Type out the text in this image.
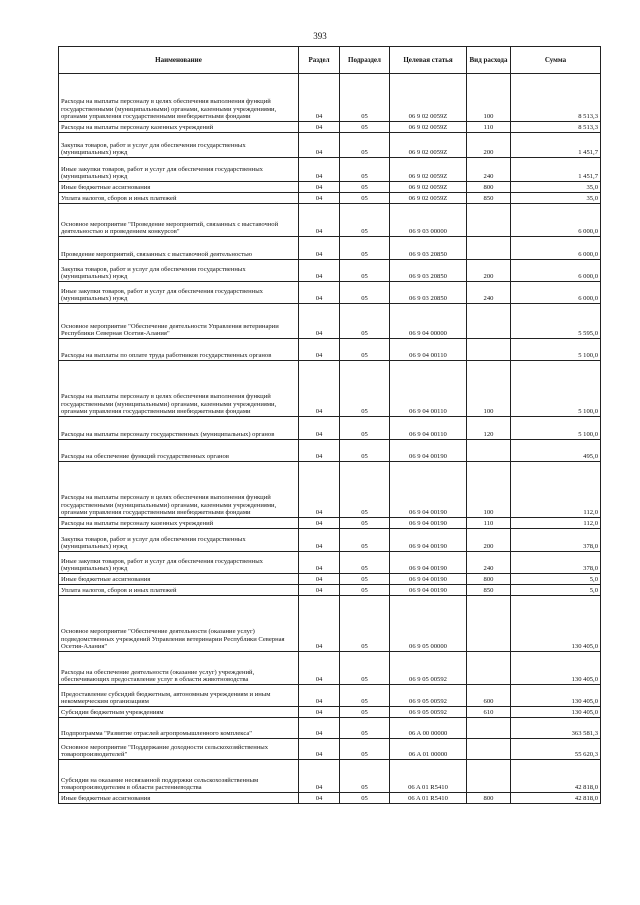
393
Наименование	Раздел	Подраздел	Целевая статья	Вид расхода	Сумма
Расходы на выплаты персоналу в целях обеспечения выполнения функций государственными (муниципальными) органами, казенными учреждениями, органами управления государственными внебюджетными фондами	04	05	06 9 02 0059Z	100	8 513,3
Расходы на выплаты персоналу казенных учреждений	04	05	06 9 02 0059Z	110	8 513,3
Закупка товаров, работ и услуг для обеспечения государственных (муниципальных) нужд	04	05	06 9 02 0059Z	200	1 451,7
Иные закупки товаров, работ и услуг для обеспечения государственных (муниципальных) нужд	04	05	06 9 02 0059Z	240	1 451,7
Иные бюджетные ассигнования	04	05	06 9 02 0059Z	800	35,0
Уплата налогов, сборов и иных платежей	04	05	06 9 02 0059Z	850	35,0
Основное мероприятие "Проведение мероприятий, связанных с выставочной деятельностью и проведением конкурсов"	04	05	06 9 03 00000		6 000,0
Проведение мероприятий, связанных с выставочной деятельностью	04	05	06 9 03 20850		6 000,0
Закупка товаров, работ и услуг для обеспечения государственных (муниципальных) нужд	04	05	06 9 03 20850	200	6 000,0
Иные закупки товаров, работ и услуг для обеспечения государственных (муниципальных) нужд	04	05	06 9 03 20850	240	6 000,0
Основное мероприятие "Обеспечение деятельности Управления ветеринарии Республики Северная Осетия-Алания"	04	05	06 9 04 00000		5 595,0
Расходы на выплаты по оплате труда работников государственных органов	04	05	06 9 04 00110		5 100,0
Расходы на выплаты персоналу в целях обеспечения выполнения функций государственными (муниципальными) органами, казенными учреждениями, органами управления государственными внебюджетными фондами	04	05	06 9 04 00110	100	5 100,0
Расходы на выплаты персоналу государственных (муниципальных) органов	04	05	06 9 04 00110	120	5 100,0
Расходы на обеспечение функций государственных органов	04	05	06 9 04 00190		495,0
Расходы на выплаты персоналу в целях обеспечения выполнения функций государственными (муниципальными) органами, казенными учреждениями, органами управления государственными внебюджетными фондами	04	05	06 9 04 00190	100	112,0
Расходы на выплаты персоналу казенных учреждений	04	05	06 9 04 00190	110	112,0
Закупка товаров, работ и услуг для обеспечения государственных (муниципальных) нужд	04	05	06 9 04 00190	200	378,0
Иные закупки товаров, работ и услуг для обеспечения государственных (муниципальных) нужд	04	05	06 9 04 00190	240	378,0
Иные бюджетные ассигнования	04	05	06 9 04 00190	800	5,0
Уплата налогов, сборов и иных платежей	04	05	06 9 04 00190	850	5,0
Основное мероприятие "Обеспечение деятельности (оказание услуг) подведомственных учреждений Управления ветеринарии Республики Северная Осетия-Алания"	04	05	06 9 05 00000		130 405,0
Расходы на обеспечение деятельности (оказание услуг) учреждений, обеспечивающих предоставление услуг в области животноводства	04	05	06 9 05 00592		130 405,0
Предоставление субсидий бюджетным, автономным учреждениям и иным некоммерческим организациям	04	05	06 9 05 00592	600	130 405,0
Субсидии бюджетным учреждениям	04	05	06 9 05 00592	610	130 405,0
Подпрограмма "Развитие отраслей агропромышленного комплекса"	04	05	06 A 00 00000		363 581,3
Основное мероприятие "Поддержание доходности сельскохозяйственных товаропроизводителей"	04	05	06 A 01 00000		55 620,3
Субсидии на оказание несвязанной поддержки сельскохозяйственным товаропроизводителям в области растениеводства	04	05	06 A 01 R5410		42 818,0
Иные бюджетные ассигнования	04	05	06 A 01 R5410	800	42 818,0
